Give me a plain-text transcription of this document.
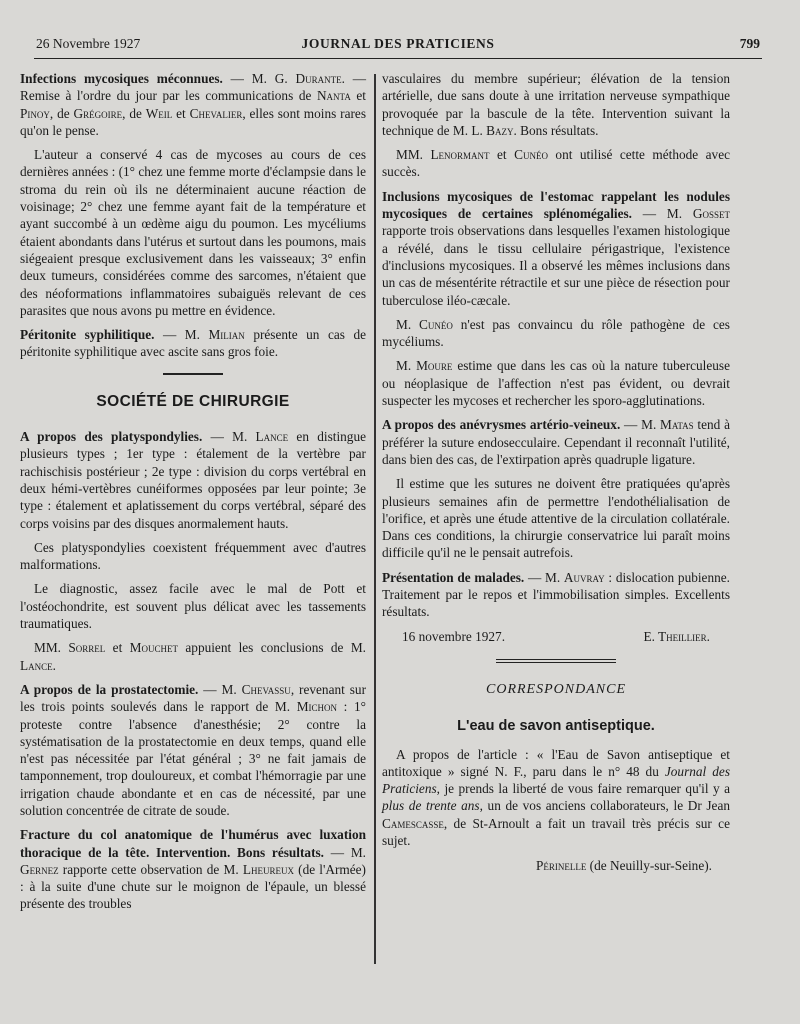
26 Novembre 1927	JOURNAL DES PRATICIENS	799

Infections mycosiques méconnues. — M. G. Durante. — Remise à l'ordre du jour par les communications de Nanta et Pinoy, de Grégoire, de Weil et Chevalier, elles sont moins rares qu'on le pense.

L'auteur a conservé 4 cas de mycoses au cours de ces dernières années : (1° chez une femme morte d'éclampsie dans le stroma du rein où ils ne déterminaient aucune réaction de voisinage; 2° chez une femme ayant fait de la température et ayant succombé à un œdème aigu du poumon. Les mycéliums étaient abondants dans l'utérus et surtout dans les poumons, mais siégeaient presque exclusivement dans les vaisseaux; 3° enfin deux tumeurs, considérées comme des sarcomes, n'étaient que des néoformations inflammatoires subaiguës relevant de ces parasites que nous avons pu mettre en évidence.

Péritonite syphilitique. — M. Milian présente un cas de péritonite syphilitique avec ascite sans gros foie.

SOCIÉTÉ DE CHIRURGIE

A propos des platyspondylies. — M. Lance en distingue plusieurs types ; 1er type : étalement de la vertèbre par rachischisis postérieur ; 2e type : division du corps vertébral en deux hémi-vertèbres cunéiformes opposées par leur pointe; 3e type : étalement et aplatissement du corps vertébral, séparé des corps voisins par des disques anormalement hauts.

Ces platyspondylies coexistent fréquemment avec d'autres malformations.

Le diagnostic, assez facile avec le mal de Pott et l'ostéochondrite, est souvent plus délicat avec les tassements traumatiques.

MM. Sorrel et Mouchet appuient les conclusions de M. Lance.

A propos de la prostatectomie. — M. Chevassu, revenant sur les trois points soulevés dans le rapport de M. Michon : 1° proteste contre l'absence d'anesthésie; 2° contre la systématisation de la prostatectomie en deux temps, quand elle n'est pas nécessitée par l'état général ; 3° ne fait jamais de tamponnement, trop douloureux, et combat l'hémorragie par une irrigation chaude abondante et en cas de nécessité, par une solution concentrée de citrate de soude.

Fracture du col anatomique de l'humérus avec luxation thoracique de la tête. Intervention. Bons résultats. — M. Gernez rapporte cette observation de M. Lheureux (de l'Armée) : à la suite d'une chute sur le moignon de l'épaule, un blessé présente des troubles

vasculaires du membre supérieur; élévation de la tension artérielle, due sans doute à une irritation nerveuse sympathique provoquée par la bascule de la tête. Intervention suivant la technique de M. L. Bazy. Bons résultats.

MM. Lenormant et Cunéo ont utilisé cette méthode avec succès.

Inclusions mycosiques de l'estomac rappelant les nodules mycosiques de certaines splénomégalies. — M. Gosset rapporte trois observations dans lesquelles l'examen histologique a révélé, dans le tissu cellulaire périgastrique, l'existence d'inclusions mycosiques. Il a observé les mêmes inclusions dans un cas de mésentérite rétractile et sur une pièce de résection pour tuberculose iléo-cæcale.

M. Cunéo n'est pas convaincu du rôle pathogène de ces mycéliums.

M. Moure estime que dans les cas où la nature tuberculeuse ou néoplasique de l'affection n'est pas évident, ou devrait suspecter les mycoses et rechercher les sporo-agglutinations.

A propos des anévrysmes artério-veineux. — M. Matas tend à préférer la suture endosecculaire. Cependant il reconnaît l'utilité, dans bien des cas, de l'extirpation après quadruple ligature.

Il estime que les sutures ne doivent être pratiquées qu'après plusieurs semaines afin de permettre l'endothélialisation de l'orifice, et après une étude attentive de la circulation collatérale. Dans ces conditions, la chirurgie conservatrice lui paraît moins difficile qu'il ne le pensait autrefois.

Présentation de malades. — M. Auvray : dislocation pubienne. Traitement par le repos et l'immobilisation simples. Excellents résultats.

16 novembre 1927.	E. Theillier.
CORRESPONDANCE
L'eau de savon antiseptique.

A propos de l'article : « l'Eau de Savon antiseptique et antitoxique » signé N. F., paru dans le n° 48 du Journal des Praticiens, je prends la liberté de vous faire remarquer qu'il y a plus de trente ans, un de vos anciens collaborateurs, le Dr Jean Camescasse, de St-Arnoult a fait un travail très précis sur ce sujet.

Périnelle (de Neuilly-sur-Seine).
